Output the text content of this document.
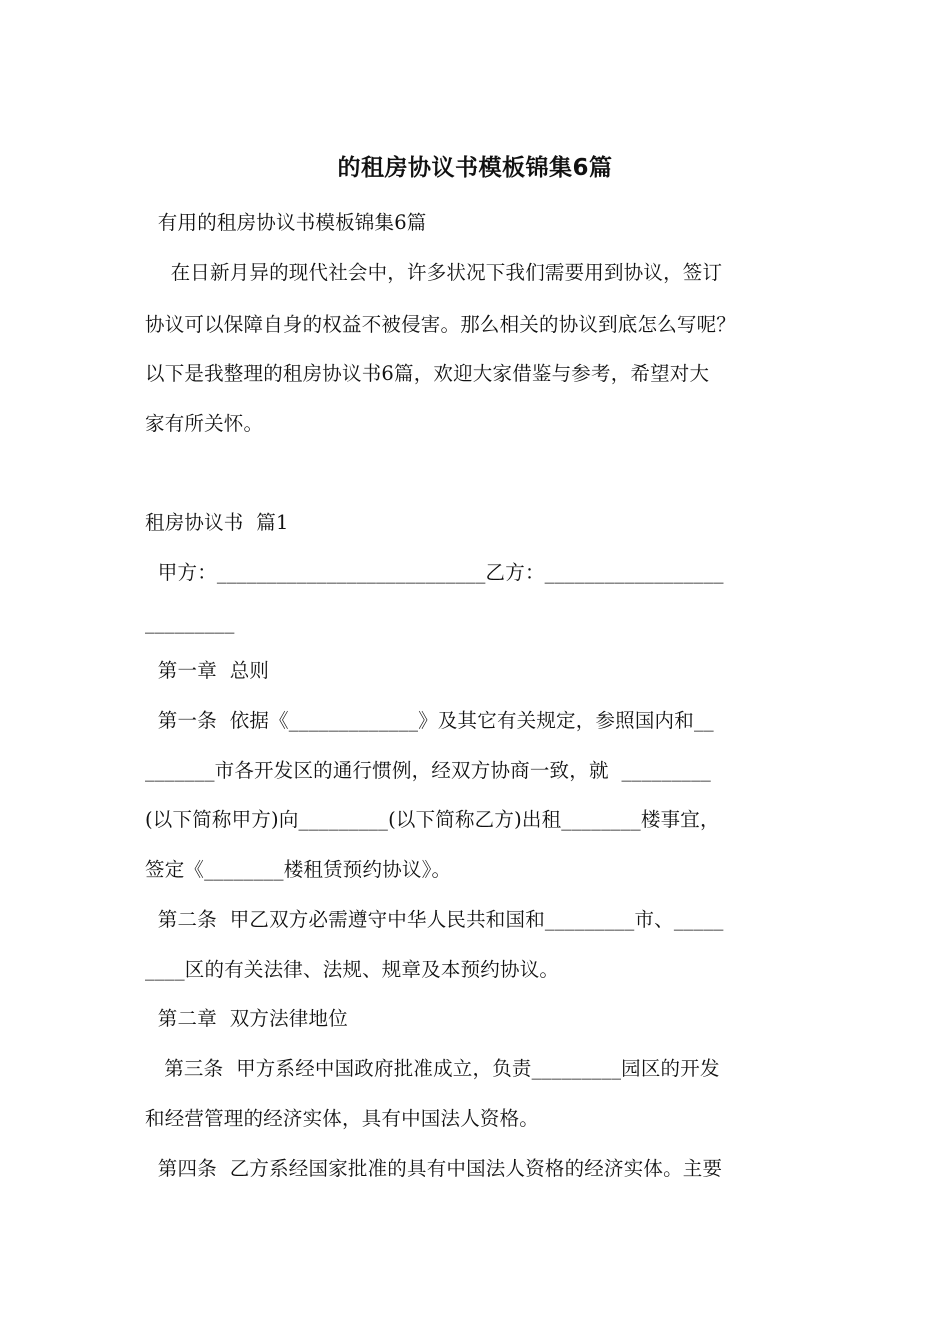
的租房协议书模板锦集6篇
有用的租房协议书模板锦集6篇
在日新月异的现代社会中，许多状况下我们需要用到协议，签订
协议可以保障自身的权益不被侵害。那么相关的协议到底怎么写呢？
以下是我整理的租房协议书6篇，欢迎大家借鉴与参考，希望对大
家有所关怀。
租房协议书  篇1
甲方：___________________________乙方：__________________
_________
第一章  总则
第一条  依据《_____________》及其它有关规定，参照国内和__
_______市各开发区的通行惯例，经双方协商一致，就  _________
(以下简称甲方)向_________(以下简称乙方)出租________楼事宜，
签定《________楼租赁预约协议》。
第二条  甲乙双方必需遵守中华人民共和国和_________市、_____
____区的有关法律、法规、规章及本预约协议。
第二章  双方法律地位
第三条  甲方系经中国政府批准成立，负责_________园区的开发
和经营管理的经济实体，具有中国法人资格。
第四条  乙方系经国家批准的具有中国法人资格的经济实体。主要
